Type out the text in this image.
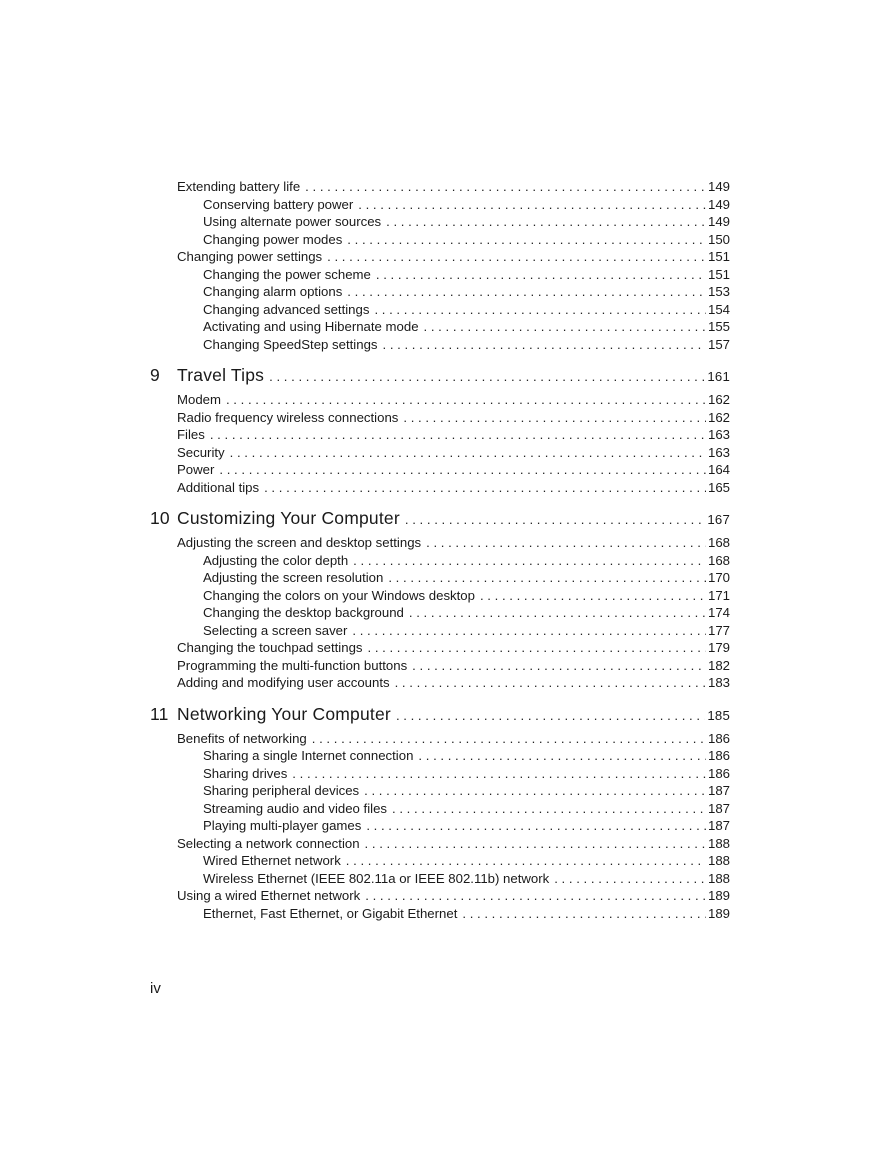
Extending battery life . . .	149
Conserving battery power . . .	149
Using alternate power sources . . .	149
Changing power modes . . .	150
Changing power settings . . .	151
Changing the power scheme . . .	151
Changing alarm options . . .	153
Changing advanced settings . . .	154
Activating and using Hibernate mode . . .	155
Changing SpeedStep settings . . .	157
9 Travel Tips . . .	161
Modem . . .	162
Radio frequency wireless connections . . .	162
Files . . .	163
Security . . .	163
Power . . .	164
Additional tips . . .	165
10 Customizing Your Computer . . .	167
Adjusting the screen and desktop settings . . .	168
Adjusting the color depth . . .	168
Adjusting the screen resolution . . .	170
Changing the colors on your Windows desktop . . .	171
Changing the desktop background . . .	174
Selecting a screen saver . . .	177
Changing the touchpad settings . . .	179
Programming the multi-function buttons . . .	182
Adding and modifying user accounts . . .	183
11 Networking Your Computer . . .	185
Benefits of networking . . .	186
Sharing a single Internet connection . . .	186
Sharing drives . . .	186
Sharing peripheral devices . . .	187
Streaming audio and video files . . .	187
Playing multi-player games . . .	187
Selecting a network connection . . .	188
Wired Ethernet network . . .	188
Wireless Ethernet (IEEE 802.11a or IEEE 802.11b) network . . .	188
Using a wired Ethernet network . . .	189
Ethernet, Fast Ethernet, or Gigabit Ethernet . . .	189
iv
